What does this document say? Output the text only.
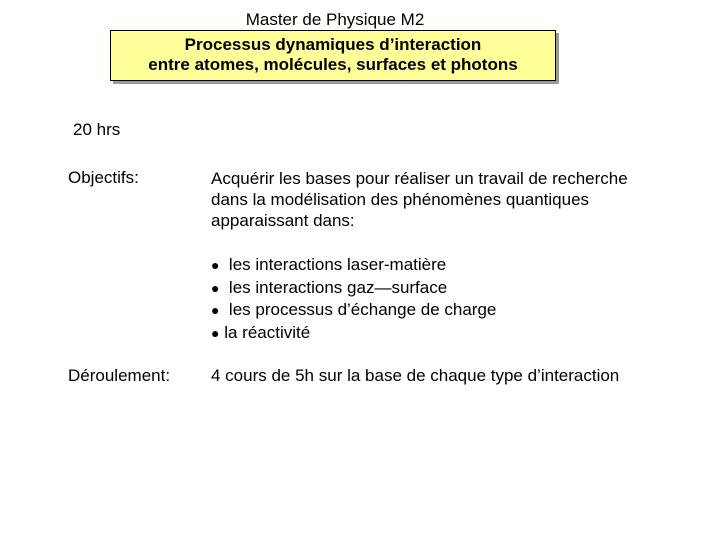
Master de Physique M2
Processus dynamiques d’interaction
entre atomes, molécules, surfaces et photons
20 hrs
Objectifs:	Acquérir les bases pour réaliser un travail de recherche
dans la modélisation des phénomènes quantiques
apparaissant dans:
● les interactions laser-matière
● les interactions gaz—surface
● les processus d’échange de charge
● la réactivité
Déroulement: 4 cours de 5h sur la base de chaque type d’interaction
